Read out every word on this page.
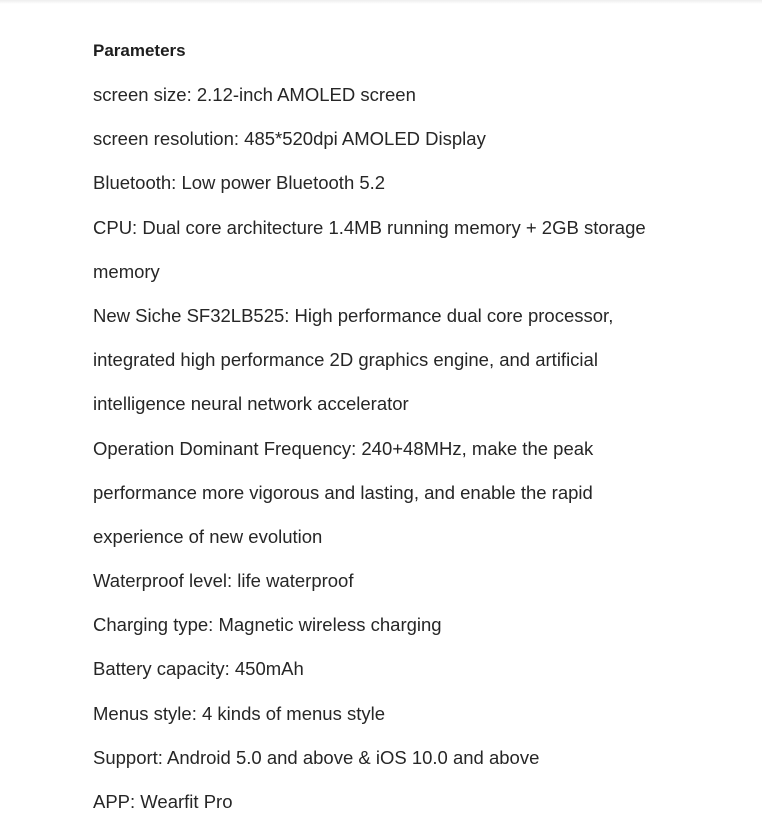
Parameters
screen size: 2.12-inch AMOLED screen
screen resolution: 485*520dpi AMOLED Display
Bluetooth: Low power Bluetooth 5.2
CPU: Dual core architecture 1.4MB running memory + 2GB storage
memory
New Siche SF32LB525: High performance dual core processor,
integrated high performance 2D graphics engine, and artificial
intelligence neural network accelerator
Operation Dominant Frequency: 240+48MHz, make the peak
performance more vigorous and lasting, and enable the rapid
experience of new evolution
Waterproof level: life waterproof
Charging type: Magnetic wireless charging
Battery capacity: 450mAh
Menus style: 4 kinds of menus style
Support: Android 5.0 and above & iOS 10.0 and above
APP: Wearfit Pro
